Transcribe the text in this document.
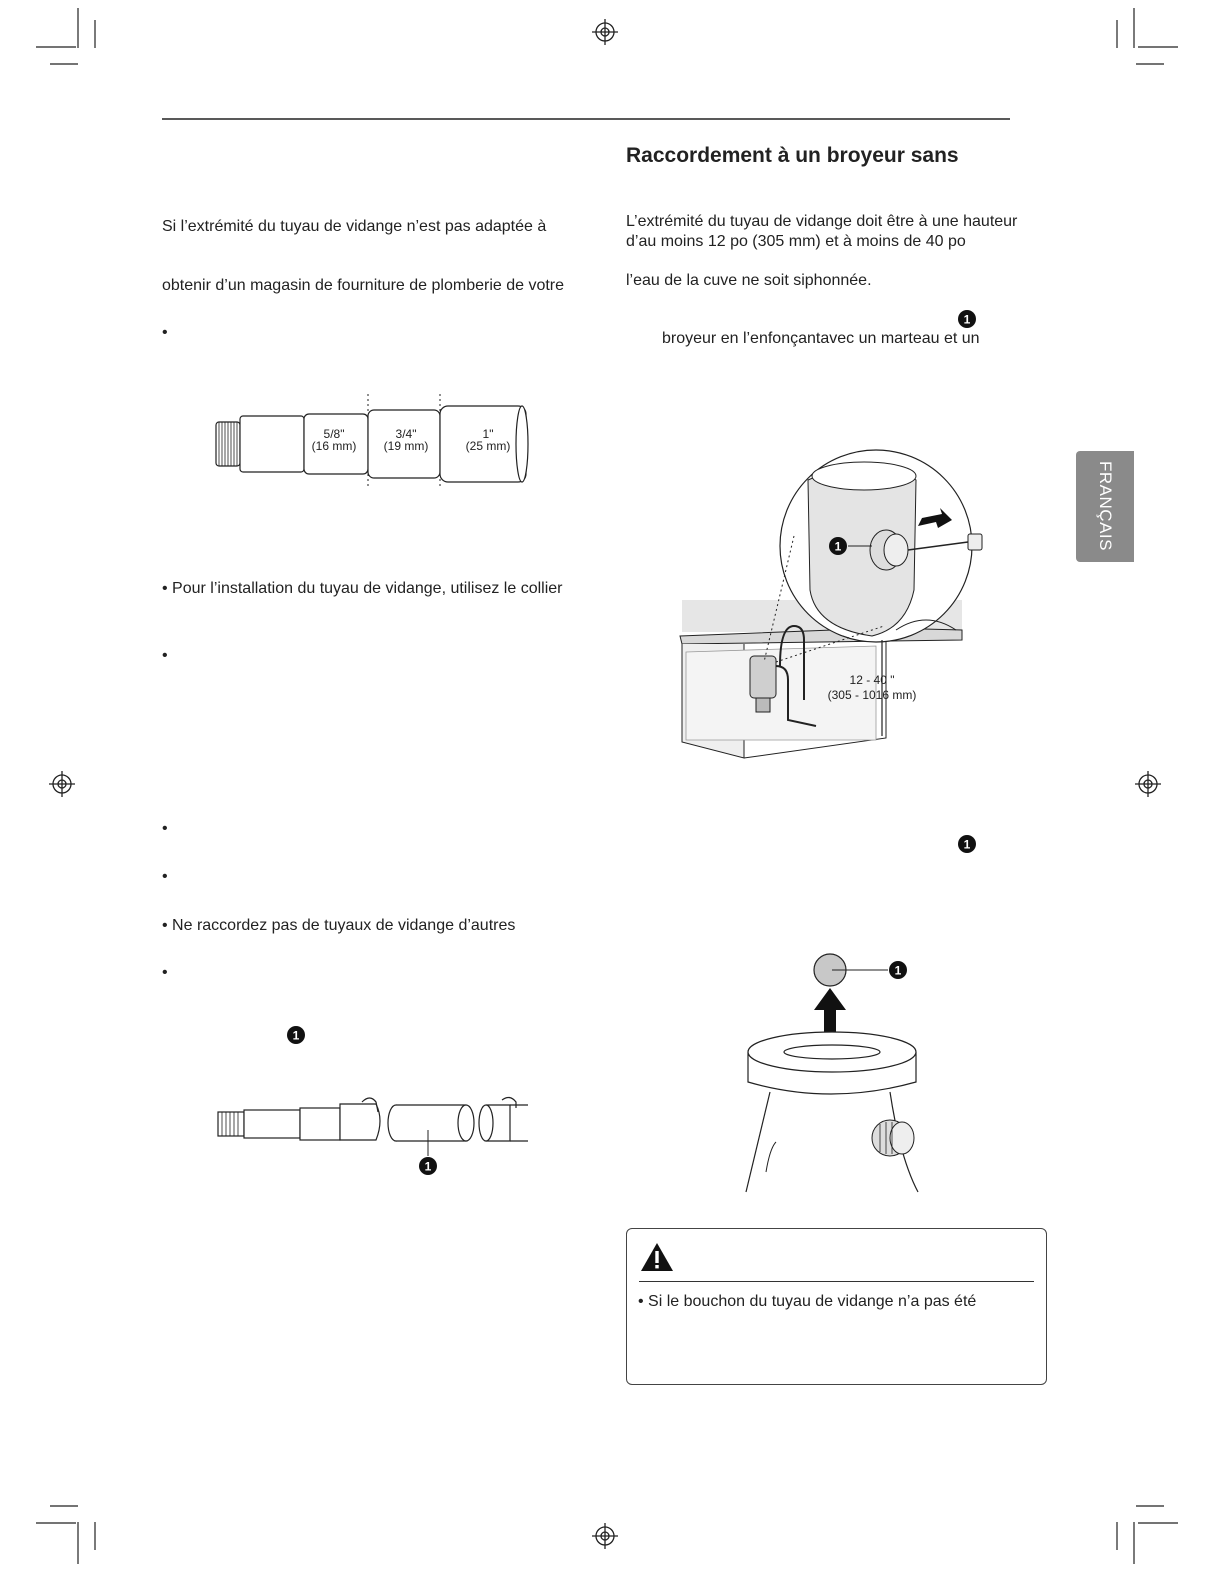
Si l’extrémité du tuyau de vidange n’est pas adaptée à
obtenir d’un magasin de fourniture de plomberie de votre
•
• Pour l’installation du tuyau de vidange, utilisez le collier
•
•
•
• Ne raccordez pas de tuyaux de vidange d’autres
•
1
5/8"
(16 mm)
3/4"
(19 mm)
1"
(25 mm)
1
Raccordement à un broyeur sans
L’extrémité du tuyau de vidange doit être à une hauteur
d’au moins 12 po (305 mm) et à moins de 40 po
l’eau de la cuve ne soit siphonnée.
1
broyeur en l’enfonçantavec un marteau et un
1
12 - 40 "
(305 - 1016 mm)
1
1
• Si le bouchon du tuyau de vidange n’a pas été
FRANÇAIS
